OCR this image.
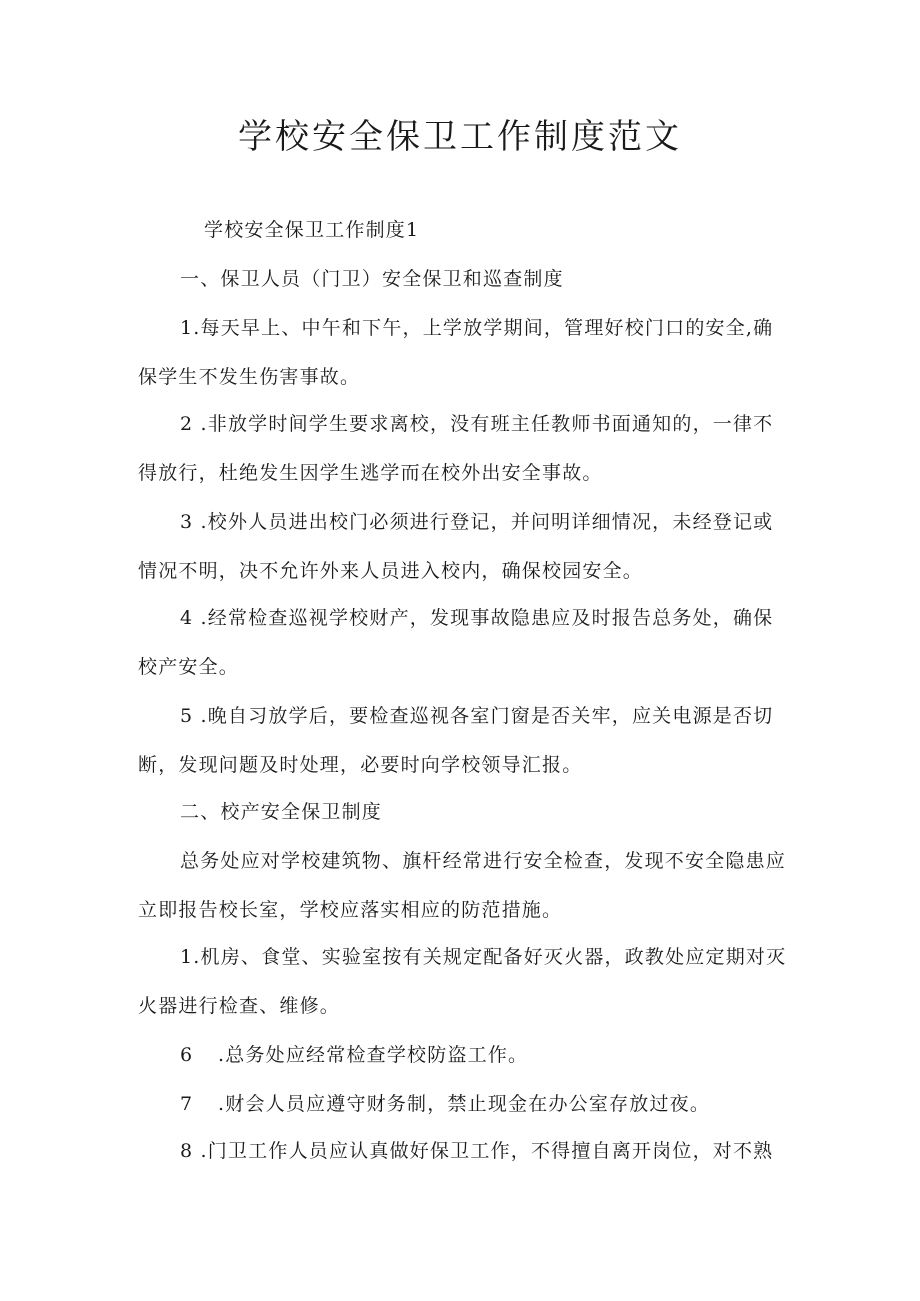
学校安全保卫工作制度范文

学校安全保卫工作制度1

一、保卫人员（门卫）安全保卫和巡查制度

1.每天早上、中午和下午，上学放学期间，管理好校门口的安全,确

保学生不发生伤害事故。

2 .非放学时间学生要求离校，没有班主任教师书面通知的，一律不

得放行，杜绝发生因学生逃学而在校外出安全事故。

3 .校外人员进出校门必须进行登记，并问明详细情况，未经登记或

情况不明，决不允许外来人员进入校内，确保校园安全。

4 .经常检查巡视学校财产，发现事故隐患应及时报告总务处，确保

校产安全。

5 .晚自习放学后，要检查巡视各室门窗是否关牢，应关电源是否切

断，发现问题及时处理，必要时向学校领导汇报。

二、校产安全保卫制度

总务处应对学校建筑物、旗杆经常进行安全检查，发现不安全隐患应

立即报告校长室，学校应落实相应的防范措施。

1.机房、食堂、实验室按有关规定配备好灭火器，政教处应定期对灭

火器进行检查、维修。

6 .总务处应经常检查学校防盗工作。

7 .财会人员应遵守财务制，禁止现金在办公室存放过夜。

8 .门卫工作人员应认真做好保卫工作，不得擅自离开岗位，对不熟
